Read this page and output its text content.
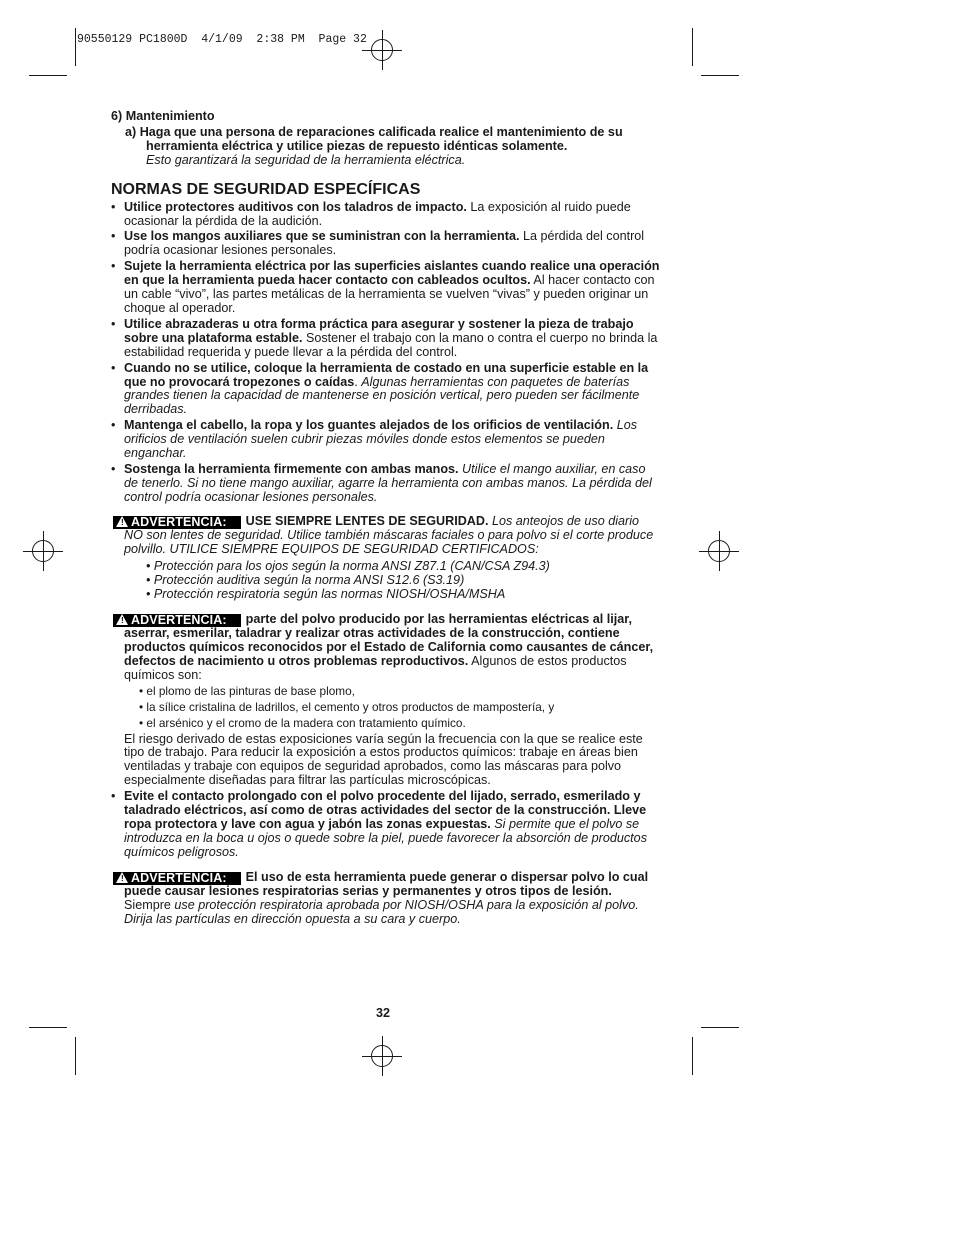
90550129 PC1800D  4/1/09  2:38 PM  Page 32

6) Mantenimiento

a) Haga que una persona de reparaciones calificada realice el mantenimiento de su herramienta eléctrica y utilice piezas de repuesto idénticas solamente.

Esto garantizará la seguridad de la herramienta eléctrica.

NORMAS DE SEGURIDAD ESPECÍFICAS

• Utilice protectores auditivos con los taladros de impacto. La exposición al ruido puede ocasionar la pérdida de la audición.

• Use los mangos auxiliares que se suministran con la herramienta. La pérdida del control podría ocasionar lesiones personales.

• Sujete la herramienta eléctrica por las superficies aislantes cuando realice una operación en que la herramienta pueda hacer contacto con cableados ocultos. Al hacer contacto con un cable “vivo”, las partes metálicas de la herramienta se vuelven “vivas” y pueden originar un choque al operador.

• Utilice abrazaderas u otra forma práctica para asegurar y sostener la pieza de trabajo sobre una plataforma estable. Sostener el trabajo con la mano o contra el cuerpo no brinda la estabilidad requerida y puede llevar a la pérdida del control.

• Cuando no se utilice, coloque la herramienta de costado en una superficie estable en la que no provocará tropezones o caídas. Algunas herramientas con paquetes de baterías grandes tienen la capacidad de mantenerse en posición vertical, pero pueden ser fácilmente derribadas.

• Mantenga el cabello, la ropa y los guantes alejados de los orificios de ventilación. Los orificios de ventilación suelen cubrir piezas móviles donde estos elementos se pueden enganchar.

• Sostenga la herramienta firmemente con ambas manos. Utilice el mango auxiliar, en caso de tenerlo. Si no tiene mango auxiliar, agarre la herramienta con ambas manos. La pérdida del control podría ocasionar lesiones personales.

! ADVERTENCIA: USE SIEMPRE LENTES DE SEGURIDAD. Los anteojos de uso diario NO son lentes de seguridad. Utilice también máscaras faciales o para polvo si el corte produce polvillo. UTILICE SIEMPRE EQUIPOS DE SEGURIDAD CERTIFICADOS:

• Protección para los ojos según la norma ANSI Z87.1 (CAN/CSA Z94.3)

• Protección auditiva según la norma ANSI S12.6 (S3.19)

• Protección respiratoria según las normas NIOSH/OSHA/MSHA

! ADVERTENCIA: parte del polvo producido por las herramientas eléctricas al lijar, aserrar, esmerilar, taladrar y realizar otras actividades de la construcción, contiene productos químicos reconocidos por el Estado de California como causantes de cáncer, defectos de nacimiento u otros problemas reproductivos. Algunos de estos productos químicos son:

• el plomo de las pinturas de base plomo,

• la sílice cristalina de ladrillos, el cemento y otros productos de mampostería, y

• el arsénico y el cromo de la madera con tratamiento químico.

El riesgo derivado de estas exposiciones varía según la frecuencia con la que se realice este tipo de trabajo. Para reducir la exposición a estos productos químicos: trabaje en áreas bien ventiladas y trabaje con equipos de seguridad aprobados, como las máscaras para polvo especialmente diseñadas para filtrar las partículas microscópicas.

• Evite el contacto prolongado con el polvo procedente del lijado, serrado, esmerilado y taladrado eléctricos, así como de otras actividades del sector de la construcción. Lleve ropa protectora y lave con agua y jabón las zonas expuestas. Si permite que el polvo se introduzca en la boca u ojos o quede sobre la piel, puede favorecer la absorción de productos químicos peligrosos.

! ADVERTENCIA: El uso de esta herramienta puede generar o dispersar polvo lo cual puede causar lesiones respiratorias serias y permanentes y otros tipos de lesión. Siempre use protección respiratoria aprobada por NIOSH/OSHA para la exposición al polvo. Dirija las partículas en dirección opuesta a su cara y cuerpo.

32
